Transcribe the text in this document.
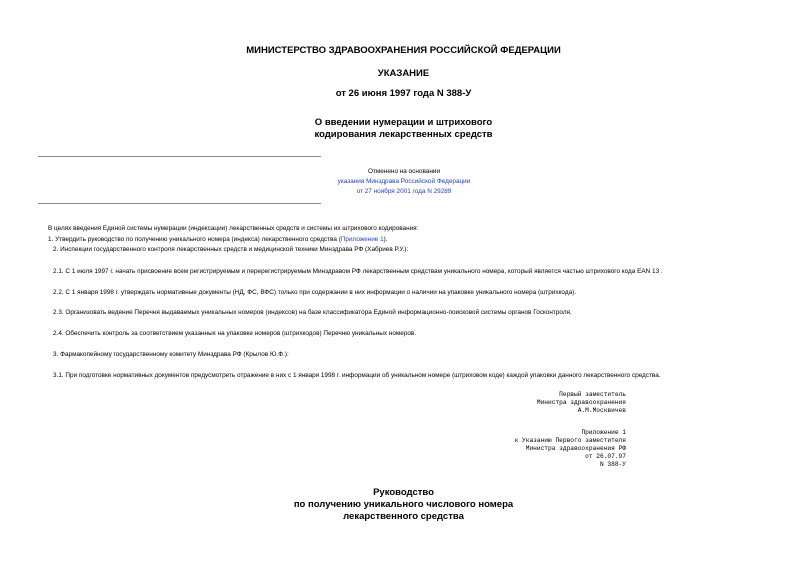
МИНИСТЕРСТВО ЗДРАВООХРАНЕНИЯ РОССИЙСКОЙ ФЕДЕРАЦИИ
УКАЗАНИЕ
от 26 июня 1997 года N 388-У
О введении нумерации и штрихового
кодирования лекарственных средств
Отменено на основании
указания Минздрава Российской Федерации
от 27 ноября 2001 года N 29289
В целях введения Единой системы нумерации (индексации) лекарственных средств и системы их штрихового кодирования:
1. Утвердить руководство по получению уникального номера (индекса) лекарственного средства (Приложение 1).
2. Инспекции государственного контроля лекарственных средств и медицинской техники Минздрава РФ (Хабриев Р.У.):
2.1. С 1 июля 1997 г. начать присвоение всем регистрируемым и перерегистрируемым Минздравом РФ лекарственным средствам уникального номера, который является частью штрихового кода EAN 13 .
2.2. С 1 января 1998 г. утверждать нормативные документы (НД, ФС, ВФС) только при содержании в них информации о наличии на упаковке уникального номера (штрихкода).
2.3. Организовать ведение Перечня выдаваемых уникальных номеров (индексов) на базе классификатора Единой информационно-поисковой системы органов Госконтроля.
2.4. Обеспечить контроль за соответствием указанных на упаковке номеров (штрихкодов) Перечню уникальных номеров.
3. Фармакопейному государственному комитету Минздрава РФ (Крылов Ю.Ф.):
3.1. При подготовке нормативных документов предусмотреть отражение в них с 1 января 1998 г. информации об уникальном номере (штриховом коде) каждой упаковки данного лекарственного средства.
Первый заместитель
Министра здравоохранения
А.М.Москвичев
Приложение 1
к Указанию Первого заместителя
Министра здравоохранения РФ
от 26.07.97
N 388-У
Руководство
по получению уникального числового номера
лекарственного средства
